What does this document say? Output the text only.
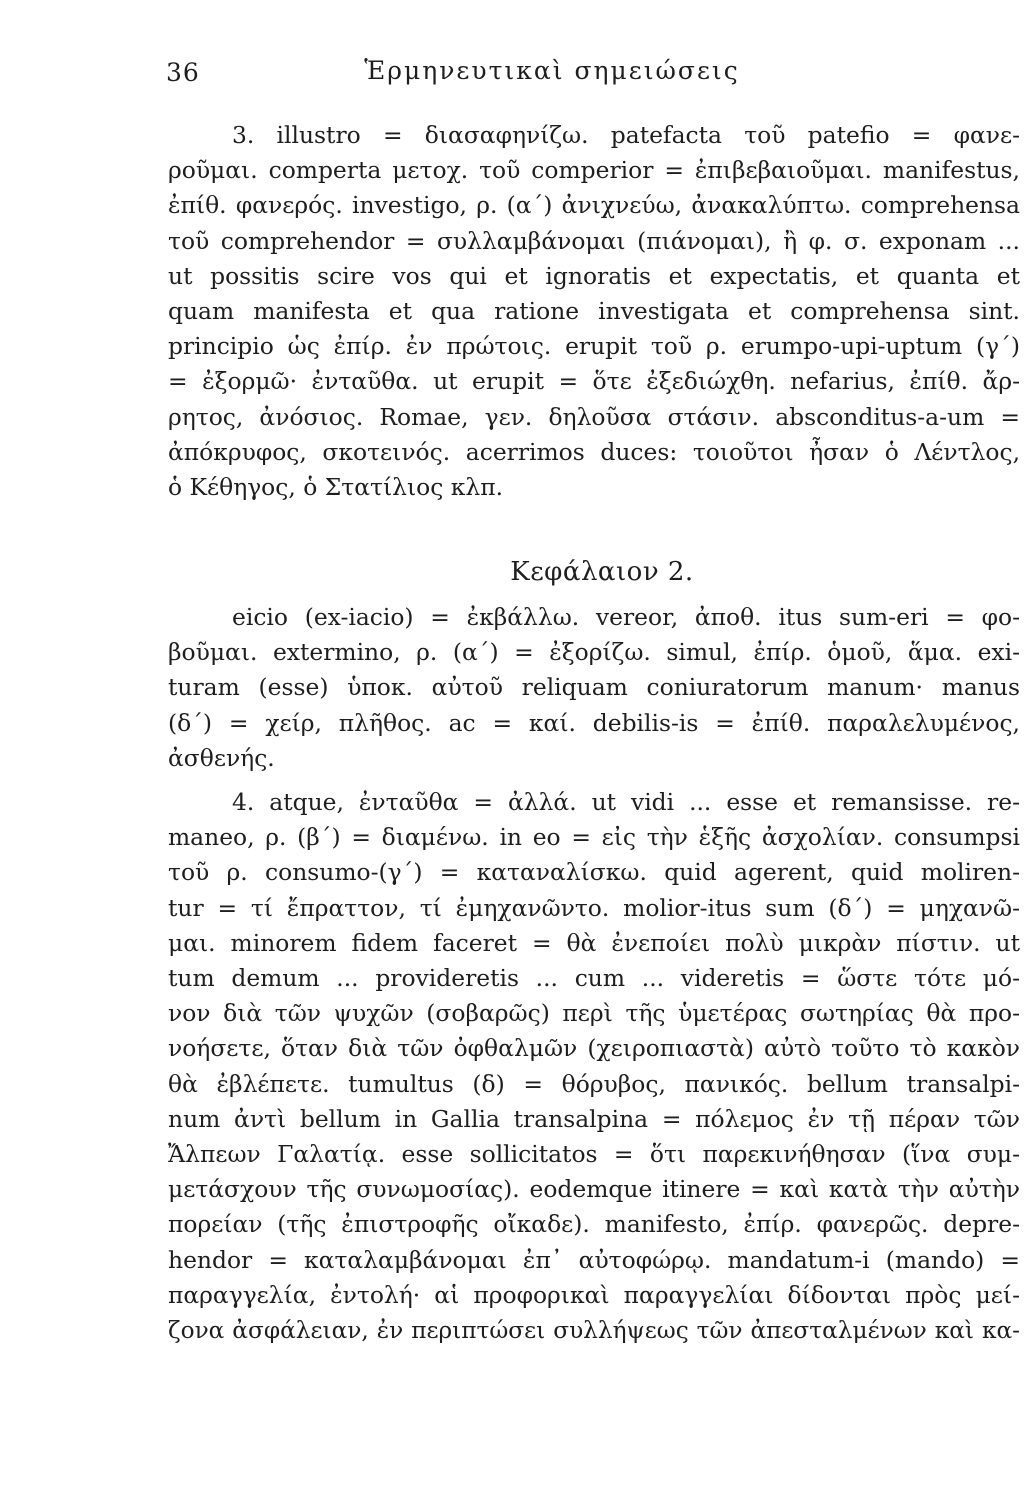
36	Ἑρμηνευτικαὶ σημειώσεις
3. illustro = διασαφηνίζω. patefacta τοῦ patefio = φανε-
ροῦμαι. comperta μετοχ. τοῦ comperior = ἐπιβεβαιοῦμαι. manifestus,
ἐπίθ. φανερός. investigo, ρ. (α΄) ἀνιχνεύω, ἀνακαλύπτω. comprehensa
τοῦ comprehendor = συλλαμβάνομαι (πιάνομαι), ἢ φ. σ. exponam ...
ut possitis scire vos qui et ignoratis et expectatis, et quanta et
quam manifesta et qua ratione investigata et comprehensa sint.
principio ὡς ἐπίρ. ἐν πρώτοις. erupit τοῦ ρ. erumpo-upi-uptum (γ΄)
= ἐξορμῶ· ἐνταῦθα. ut erupit = ὅτε ἐξεδιώχθη. nefarius, ἐπίθ. ἄρ-
ρητος, ἀνόσιος. Romae, γεν. δηλοῦσα στάσιν. absconditus-a-um =
ἀπόκρυφος, σκοτεινός. acerrimos duces: τοιοῦτοι ἦσαν ὁ Λέντλος,
ὁ Κέθηγος, ὁ Στατίλιος κλπ.
Κεφάλαιον 2.
eicio (ex-iacio) = ἐκβάλλω. vereor, ἀποθ. itus sum-eri = φο-
βοῦμαι. extermino, ρ. (α΄) = ἐξορίζω. simul, ἐπίρ. ὁμοῦ, ἅμα. exi-
turam (esse) ὑποκ. αὐτοῦ reliquam coniuratorum manum· manus
(δ΄) = χείρ, πλῆθος. ac = καί. debilis-is = ἐπίθ. παραλελυμένος,
ἀσθενής.
4. atque, ἐνταῦθα = ἀλλά. ut vidi ... esse et remansisse. re-
maneo, ρ. (β΄) = διαμένω. in eo = εἰς τὴν ἑξῆς ἀσχολίαν. consumpsi
τοῦ ρ. consumo-(γ΄) = καταναλίσκω. quid agerent, quid moliren-
tur = τί ἔπραττον, τί ἐμηχανῶντο. molior-itus sum (δ΄) = μηχανῶ-
μαι. minorem fidem faceret = θὰ ἐνεποίει πολὺ μικρὰν πίστιν. ut
tum demum ... provideretis ... cum ... videretis = ὥστε τότε μό-
νον διὰ τῶν ψυχῶν (σοβαρῶς) περὶ τῆς ὑμετέρας σωτηρίας θὰ προ-
νοήσετε, ὅταν διὰ τῶν ὀφθαλμῶν (χειροπιαστὰ) αὐτὸ τοῦτο τὸ κακὸν
θὰ ἐβλέπετε. tumultus (δ) = θόρυβος, πανικός. bellum transalpi-
num ἀντὶ bellum in Gallia transalpina = πόλεμος ἐν τῇ πέραν τῶν
Ἄλπεων Γαλατίᾳ. esse sollicitatos = ὅτι παρεκινήθησαν (ἵνα συμ-
μετάσχουν τῆς συνωμοσίας). eodemque itinere = καὶ κατὰ τὴν αὐτὴν
πορείαν (τῆς ἐπιστροφῆς οἴκαδε). manifesto, ἐπίρ. φανερῶς. depre-
hendor = καταλαμβάνομαι ἐπ᾽ αὐτοφώρῳ. mandatum-i (mando) =
παραγγελία, ἐντολή· αἱ προφορικαὶ παραγγελίαι δίδονται πρὸς μεί-
ζονα ἀσφάλειαν, ἐν περιπτώσει συλλήψεως τῶν ἀπεσταλμένων καὶ κα-
